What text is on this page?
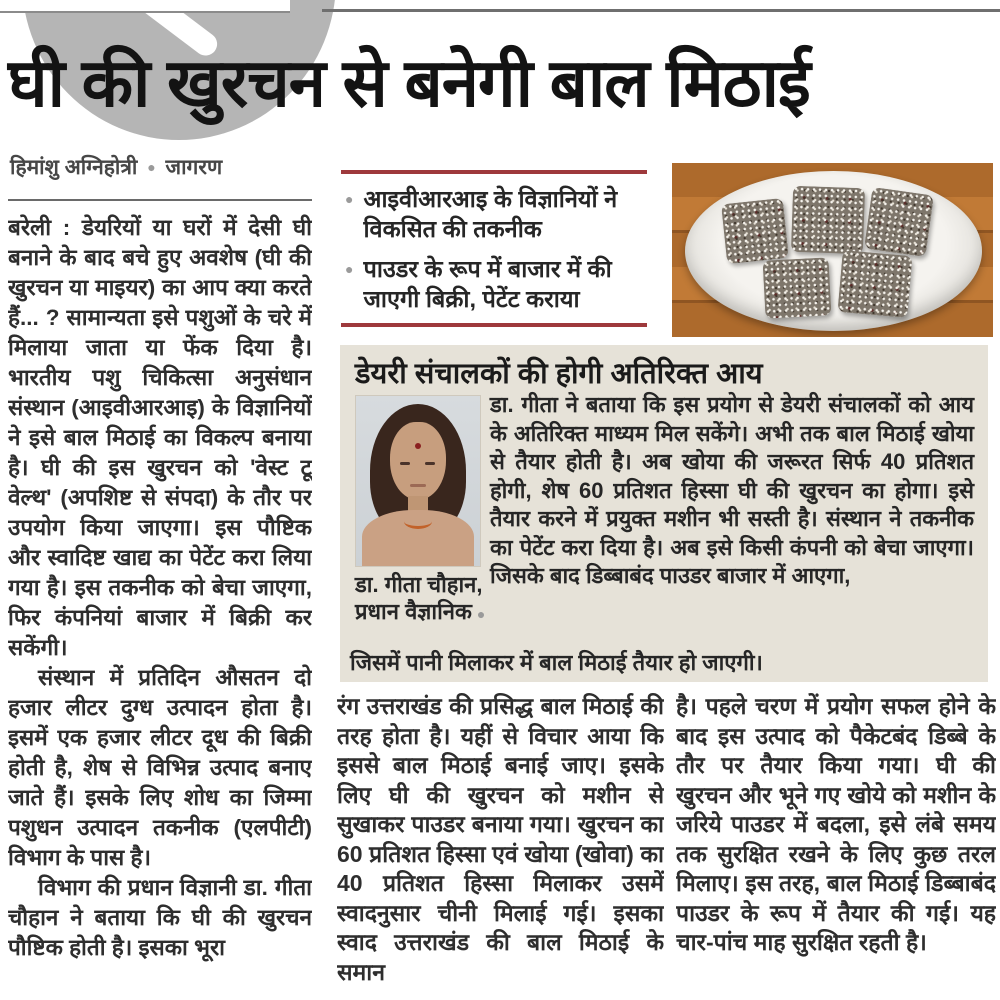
घी की खुरचन से बनेगी बाल मिठाई
हिमांशु अग्निहोत्री ● जागरण

बरेली : डेयरियों या घरों में देसी घी बनाने के बाद बचे हुए अवशेष (घी की खुरचन या माइयर) का आप क्या करते हैं... ? सामान्यता इसे पशुओं के चरे में मिलाया जाता या फेंक दिया है। भारतीय पशु चिकित्सा अनुसंधान संस्थान (आइवीआरआइ) के विज्ञानियों ने इसे बाल मिठाई का विकल्प बनाया है। घी की इस खुरचन को 'वेस्ट टू वेल्थ' (अपशिष्ट से संपदा) के तौर पर उपयोग किया जाएगा। इस पौष्टिक और स्वादिष्ट खाद्य का पेटेंट करा लिया गया है। इस तकनीक को बेचा जाएगा, फिर कंपनियां बाजार में बिक्री कर सकेंगी।

संस्थान में प्रतिदिन औसतन दो हजार लीटर दुग्ध उत्पादन होता है। इसमें एक हजार लीटर दूध की बिक्री होती है, शेष से विभिन्न उत्पाद बनाए जाते हैं। इसके लिए शोध का जिम्मा पशुधन उत्पादन तकनीक (एलपीटी) विभाग के पास है।

विभाग की प्रधान विज्ञानी डा. गीता चौहान ने बताया कि घी की खुरचन पौष्टिक होती है। इसका भूरा

● आइवीआरआइ के विज्ञानियों ने विकसित की तकनीक
● पाउडर के रूप में बाजार में की जाएगी बिक्री, पेटेंट कराया
डेयरी संचालकों की होगी अतिरिक्त आय
डा. गीता चौहान,
प्रधान वैज्ञानिक ●
डा. गीता ने बताया कि इस प्रयोग से डेयरी संचालकों को आय के अतिरिक्त माध्यम मिल सकेंगे। अभी तक बाल मिठाई खोया से तैयार होती है। अब खोया की जरूरत सिर्फ 40 प्रतिशत होगी, शेष 60 प्रतिशत हिस्सा घी की खुरचन का होगा। इसे तैयार करने में प्रयुक्त मशीन भी सस्ती है। संस्थान ने तकनीक का पेटेंट करा दिया है। अब इसे किसी कंपनी को बेचा जाएगा। जिसके बाद डिब्बाबंद पाउडर बाजार में आएगा,
जिसमें पानी मिलाकर में बाल मिठाई तैयार हो जाएगी।

रंग उत्तराखंड की प्रसिद्ध बाल मिठाई की तरह होता है। यहीं से विचार आया कि इससे बाल मिठाई बनाई जाए। इसके लिए घी की खुरचन को मशीन से सुखाकर पाउडर बनाया गया। खुरचन का 60 प्रतिशत हिस्सा एवं खोया (खोवा) का 40 प्रतिशत हिस्सा मिलाकर उसमें स्वादनुसार चीनी मिलाई गई। इसका स्वाद उत्तराखंड की बाल मिठाई के समान

है। पहले चरण में प्रयोग सफल होने के बाद इस उत्पाद को पैकेटबंद डिब्बे के तौर पर तैयार किया गया। घी की खुरचन और भूने गए खोये को मशीन के जरिये पाउडर में बदला, इसे लंबे समय तक सुरक्षित रखने के लिए कुछ तरल मिलाए। इस तरह, बाल मिठाई डिब्बाबंद पाउडर के रूप में तैयार की गई। यह चार-पांच माह सुरक्षित रहती है।
